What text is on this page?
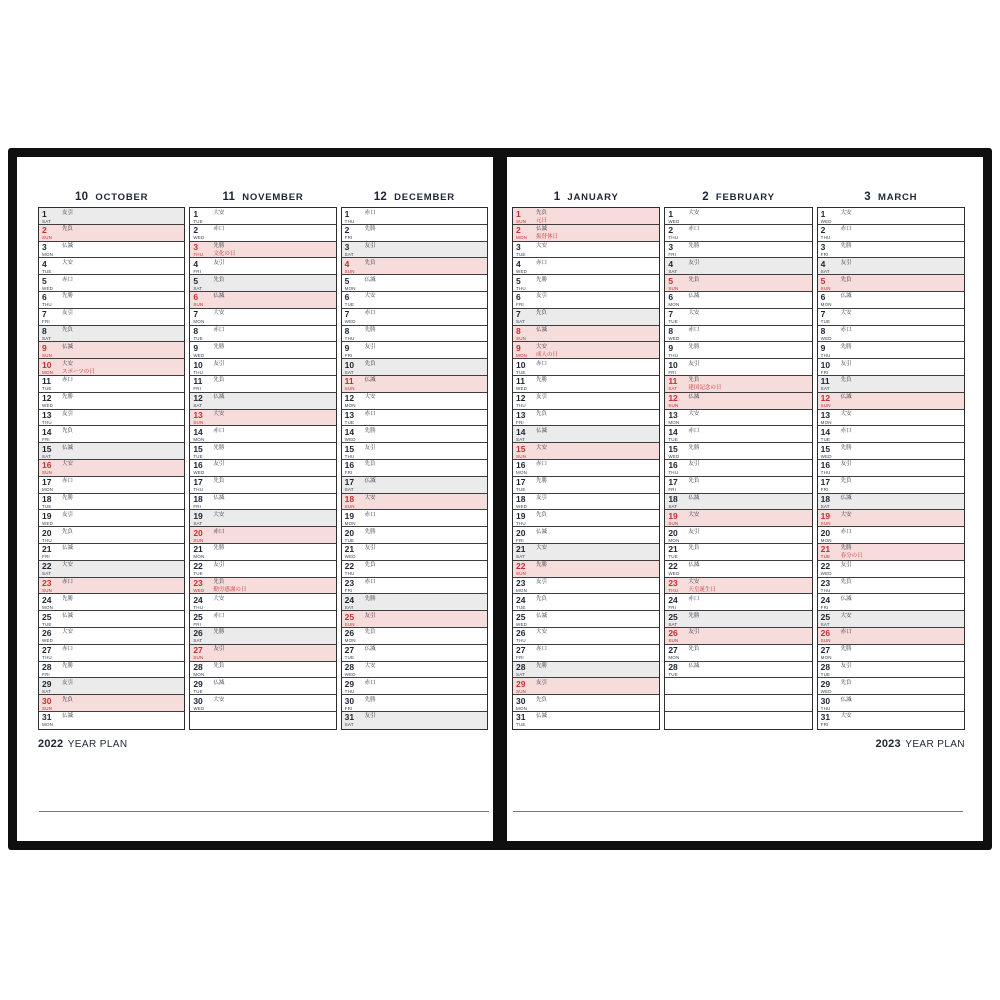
10 OCTOBER
1
SAT
友引
2
SUN
先負
3
MON
仏滅
4
TUE
大安
5
WED
赤口
6
THU
先勝
7
FRI
友引
8
SAT
先負
9
SUN
仏滅
10
MON
大安
スポーツの日
11
TUE
赤口
12
WED
先勝
13
THU
友引
14
FRI
先負
15
SAT
仏滅
16
SUN
大安
17
MON
赤口
18
TUE
先勝
19
WED
友引
20
THU
先負
21
FRI
仏滅
22
SAT
大安
23
SUN
赤口
24
MON
先勝
25
TUE
仏滅
26
WED
大安
27
THU
赤口
28
FRI
先勝
29
SAT
友引
30
SUN
先負
31
MON
仏滅
11 NOVEMBER
1
TUE
大安
2
WED
赤口
3
THU
先勝
文化の日
4
FRI
友引
5
SAT
先負
6
SUN
仏滅
7
MON
大安
8
TUE
赤口
9
WED
先勝
10
THU
友引
11
FRI
先負
12
SAT
仏滅
13
SUN
大安
14
MON
赤口
15
TUE
先勝
16
WED
友引
17
THU
先負
18
FRI
仏滅
19
SAT
大安
20
SUN
赤口
21
MON
先勝
22
TUE
友引
23
WED
先負
勤労感謝の日
24
THU
大安
25
FRI
赤口
26
SAT
先勝
27
SUN
友引
28
MON
先負
29
TUE
仏滅
30
WED
大安
12 DECEMBER
1
THU
赤口
2
FRI
先勝
3
SAT
友引
4
SUN
先負
5
MON
仏滅
6
TUE
大安
7
WED
赤口
8
THU
先勝
9
FRI
友引
10
SAT
先負
11
SUN
仏滅
12
MON
大安
13
TUE
赤口
14
WED
先勝
15
THU
友引
16
FRI
先負
17
SAT
仏滅
18
SUN
大安
19
MON
赤口
20
TUE
先勝
21
WED
友引
22
THU
先負
23
FRI
赤口
24
SAT
先勝
25
SUN
友引
26
MON
先負
27
TUE
仏滅
28
WED
大安
29
THU
赤口
30
FRI
先勝
31
SAT
友引
2022 YEAR PLAN
1 JANUARY
1
SUN
先負
元日
2
MON
仏滅
振替休日
3
TUE
大安
4
WED
赤口
5
THU
先勝
6
FRI
友引
7
SAT
先負
8
SUN
仏滅
9
MON
大安
成人の日
10
TUE
赤口
11
WED
先勝
12
THU
友引
13
FRI
先負
14
SAT
仏滅
15
SUN
大安
16
MON
赤口
17
TUE
先勝
18
WED
友引
19
THU
先負
20
FRI
仏滅
21
SAT
大安
22
SUN
先勝
23
MON
友引
24
TUE
先負
25
WED
仏滅
26
THU
大安
27
FRI
赤口
28
SAT
先勝
29
SUN
友引
30
MON
先負
31
TUE
仏滅
2 FEBRUARY
1
WED
大安
2
THU
赤口
3
FRI
先勝
4
SAT
友引
5
SUN
先負
6
MON
仏滅
7
TUE
大安
8
WED
赤口
9
THU
先勝
10
FRI
友引
11
SAT
先負
建国記念の日
12
SUN
仏滅
13
MON
大安
14
TUE
赤口
15
WED
先勝
16
THU
友引
17
FRI
先負
18
SAT
仏滅
19
SUN
大安
20
MON
友引
21
TUE
先負
22
WED
仏滅
23
THU
大安
天皇誕生日
24
FRI
赤口
25
SAT
先勝
26
SUN
友引
27
MON
先負
28
TUE
仏滅
3 MARCH
1
WED
大安
2
THU
赤口
3
FRI
先勝
4
SAT
友引
5
SUN
先負
6
MON
仏滅
7
TUE
大安
8
WED
赤口
9
THU
先勝
10
FRI
友引
11
SAT
先負
12
SUN
仏滅
13
MON
大安
14
TUE
赤口
15
WED
先勝
16
THU
友引
17
FRI
先負
18
SAT
仏滅
19
SUN
大安
20
MON
赤口
21
TUE
先勝
春分の日
22
WED
友引
23
THU
先負
24
FRI
仏滅
25
SAT
大安
26
SUN
赤口
27
MON
先勝
28
TUE
友引
29
WED
先負
30
THU
仏滅
31
FRI
大安
2023 YEAR PLAN
